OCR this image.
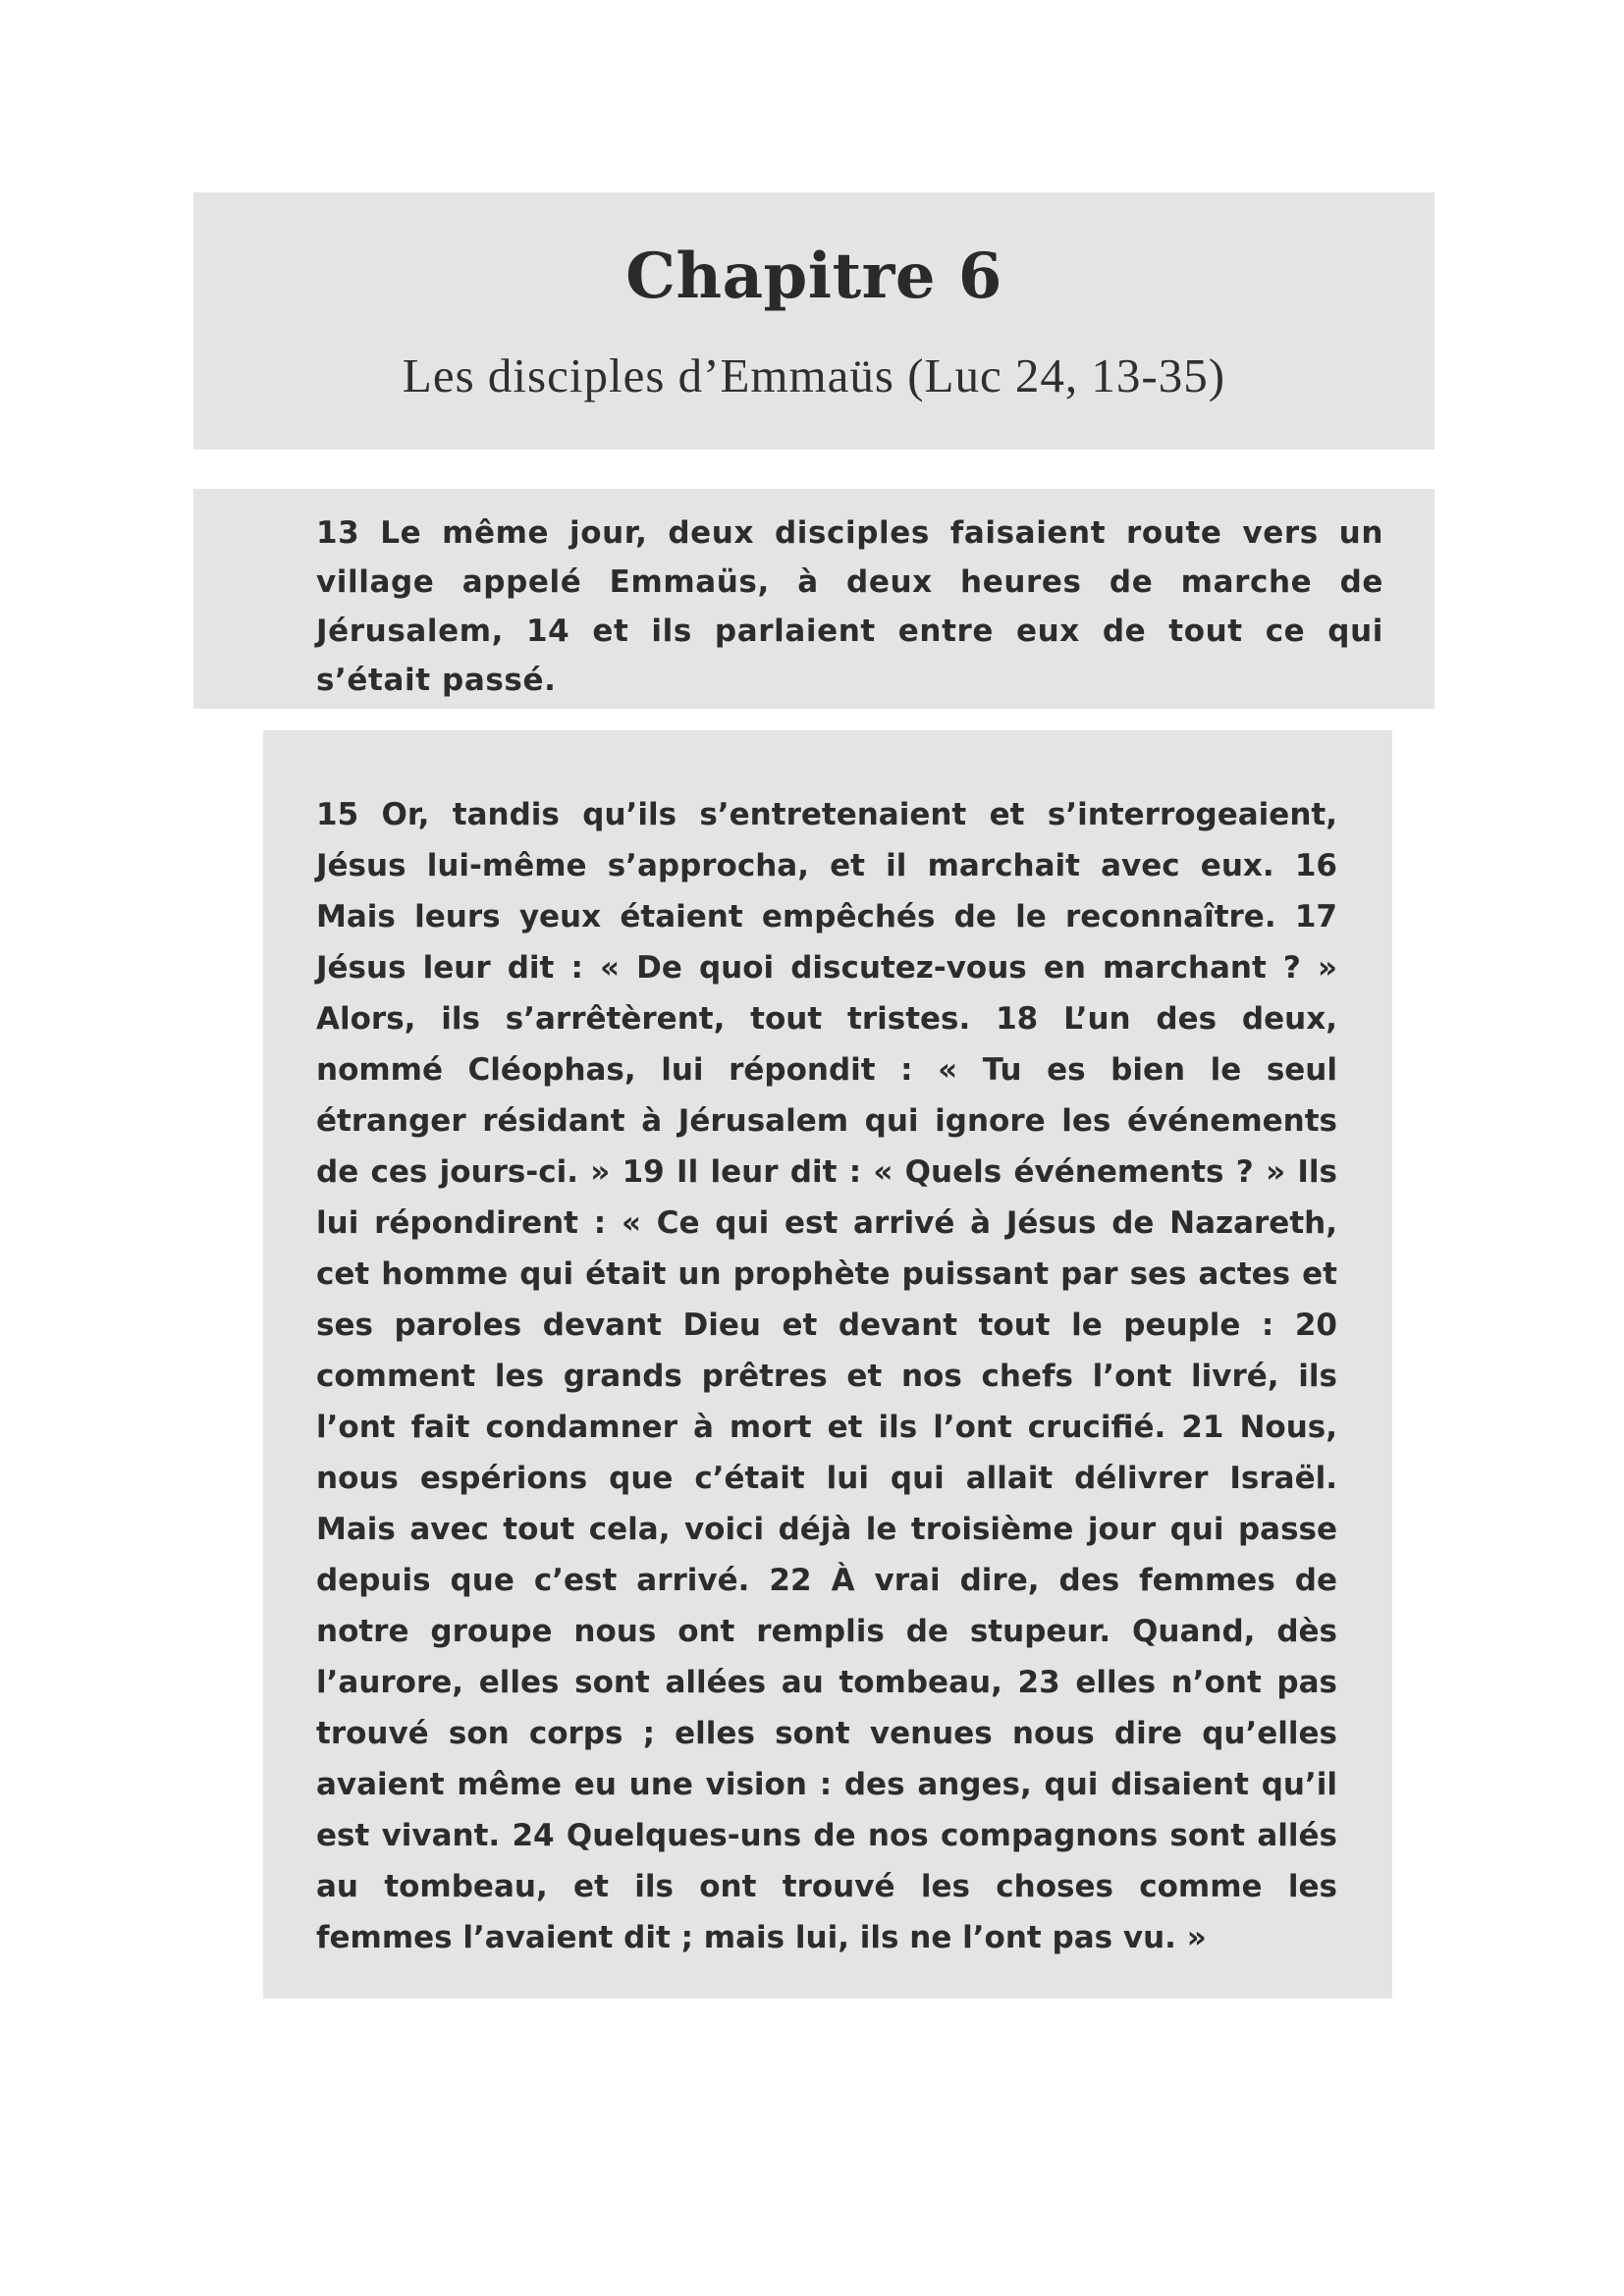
Chapitre 6
Les disciples d’Emmaüs (Luc 24, 13-35)

13 Le même jour, deux disciples faisaient route vers un village appelé Emmaüs, à deux heures de marche de Jérusalem, 14 et ils parlaient entre eux de tout ce qui s’était passé.

15 Or, tandis qu’ils s’entretenaient et s’interrogeaient, Jésus lui-même s’approcha, et il marchait avec eux. 16 Mais leurs yeux étaient empêchés de le reconnaître. 17 Jésus leur dit : « De quoi discutez-vous en marchant ? » Alors, ils s’arrêtèrent, tout tristes. 18 L’un des deux, nommé Cléophas, lui répondit : « Tu es bien le seul étranger résidant à Jérusalem qui ignore les événements de ces jours-ci. » 19 Il leur dit : « Quels événements ? » Ils lui répondirent : « Ce qui est arrivé à Jésus de Nazareth, cet homme qui était un prophète puissant par ses actes et ses paroles devant Dieu et devant tout le peuple : 20 comment les grands prêtres et nos chefs l’ont livré, ils l’ont fait condamner à mort et ils l’ont crucifié. 21 Nous, nous espérions que c’était lui qui allait délivrer Israël. Mais avec tout cela, voici déjà le troisième jour qui passe depuis que c’est arrivé. 22 À vrai dire, des femmes de notre groupe nous ont remplis de stupeur. Quand, dès l’aurore, elles sont allées au tombeau, 23 elles n’ont pas trouvé son corps ; elles sont venues nous dire qu’elles avaient même eu une vision : des anges, qui disaient qu’il est vivant. 24 Quelques-uns de nos compagnons sont allés au tombeau, et ils ont trouvé les choses comme les femmes l’avaient dit ; mais lui, ils ne l’ont pas vu. »
